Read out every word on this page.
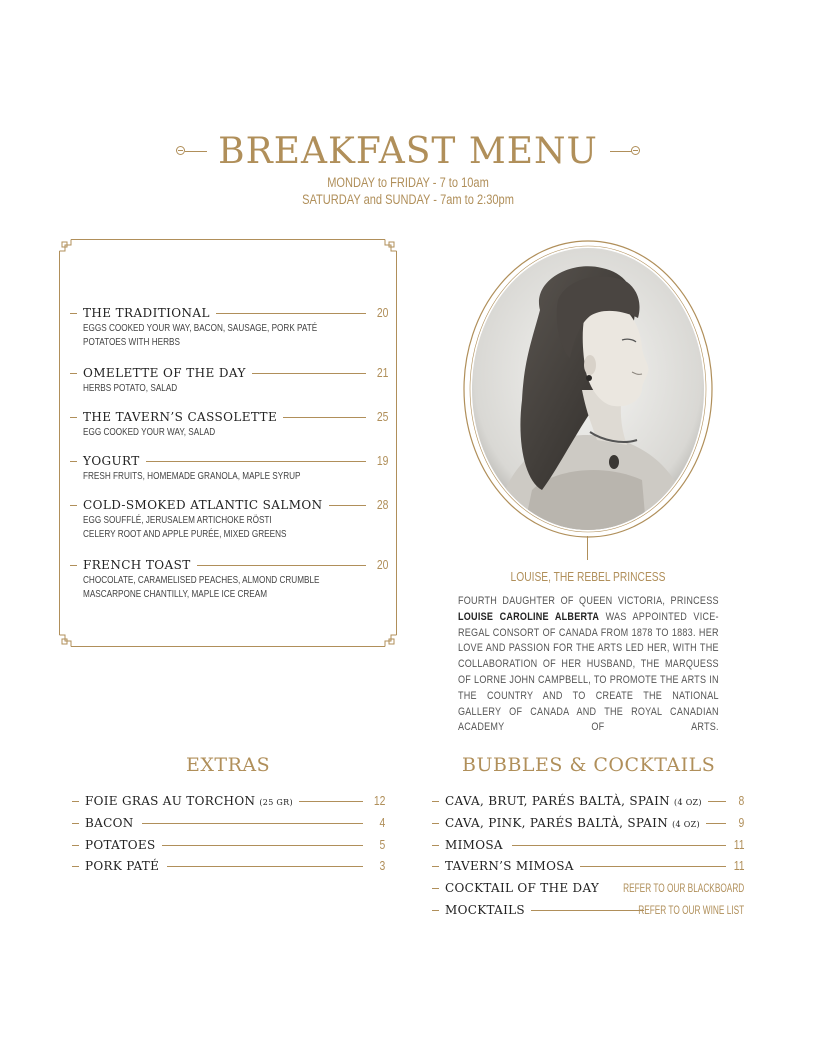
BREAKFAST MENU
MONDAY to FRIDAY - 7 to 10am
SATURDAY and SUNDAY - 7am to 2:30pm
THE TRADITIONAL	20
EGGS COOKED YOUR WAY, BACON, SAUSAGE, PORK PATÉ
POTATOES WITH HERBS
OMELETTE OF THE DAY	21
HERBS POTATO, SALAD
THE TAVERN’S CASSOLETTE	25
EGG COOKED YOUR WAY, SALAD
YOGURT	19
FRESH FRUITS, HOMEMADE GRANOLA, MAPLE SYRUP
COLD-SMOKED ATLANTIC SALMON	28
EGG SOUFFLÉ, JERUSALEM ARTICHOKE RÖSTI
CELERY ROOT AND APPLE PURÉE, MIXED GREENS
FRENCH TOAST	20
CHOCOLATE, CARAMELISED PEACHES, ALMOND CRUMBLE
MASCARPONE CHANTILLY, MAPLE ICE CREAM
LOUISE, THE REBEL PRINCESS
FOURTH DAUGHTER OF QUEEN VICTORIA, PRINCESS LOUISE CAROLINE ALBERTA WAS APPOINTED VICE-REGAL CONSORT OF CANADA FROM 1878 TO 1883. HER LOVE AND PASSION FOR THE ARTS LED HER, WITH THE COLLABORATION OF HER HUSBAND, THE MARQUESS OF LORNE JOHN CAMPBELL, TO PROMOTE THE ARTS IN THE COUNTRY AND TO CREATE THE NATIONAL GALLERY OF CANADA AND THE ROYAL CANADIAN ACADEMY OF ARTS.
EXTRAS
FOIE GRAS AU TORCHON (25 GR)	12
BACON	4
POTATOES	5
PORK PATÉ	3
BUBBLES & COCKTAILS
CAVA, BRUT, PARÉS BALTÀ, SPAIN (4 OZ)	8
CAVA, PINK, PARÉS BALTÀ, SPAIN (4 OZ)	9
MIMOSA	11
TAVERN’S MIMOSA	11
COCKTAIL OF THE DAY	REFER TO OUR BLACKBOARD
MOCKTAILS	REFER TO OUR WINE LIST
